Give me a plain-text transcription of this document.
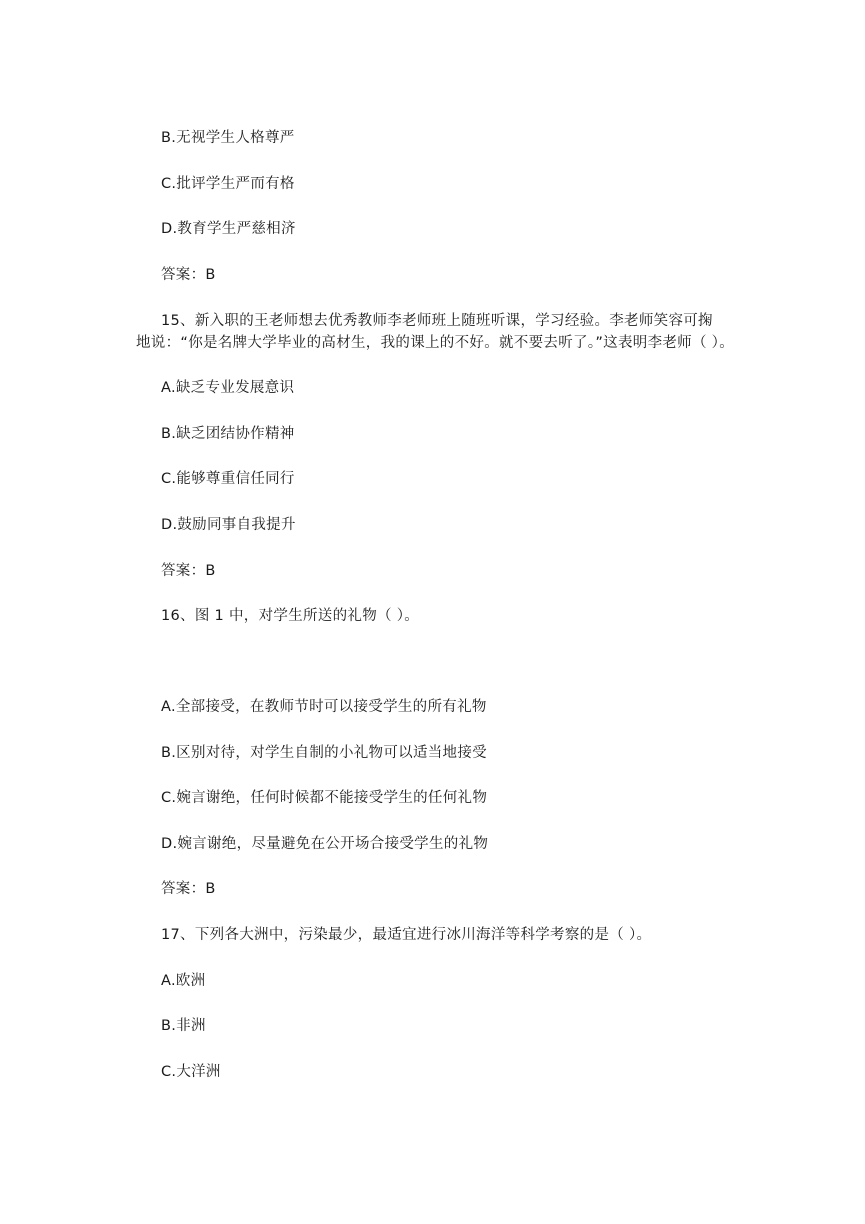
B.无视学生人格尊严
C.批评学生严而有格
D.教育学生严慈相济
答案：B
15、新入职的王老师想去优秀教师李老师班上随班听课，学习经验。李老师笑容可掬
地说：“你是名牌大学毕业的高材生，我的课上的不好。就不要去听了。”这表明李老师（ ）。
A.缺乏专业发展意识
B.缺乏团结协作精神
C.能够尊重信任同行
D.鼓励同事自我提升
答案：B
16、图 1 中，对学生所送的礼物（ ）。
A.全部接受，在教师节时可以接受学生的所有礼物
B.区别对待，对学生自制的小礼物可以适当地接受
C.婉言谢绝，任何时候都不能接受学生的任何礼物
D.婉言谢绝，尽量避免在公开场合接受学生的礼物
答案：B
17、下列各大洲中，污染最少，最适宜进行冰川海洋等科学考察的是（ ）。
A.欧洲
B.非洲
C.大洋洲
